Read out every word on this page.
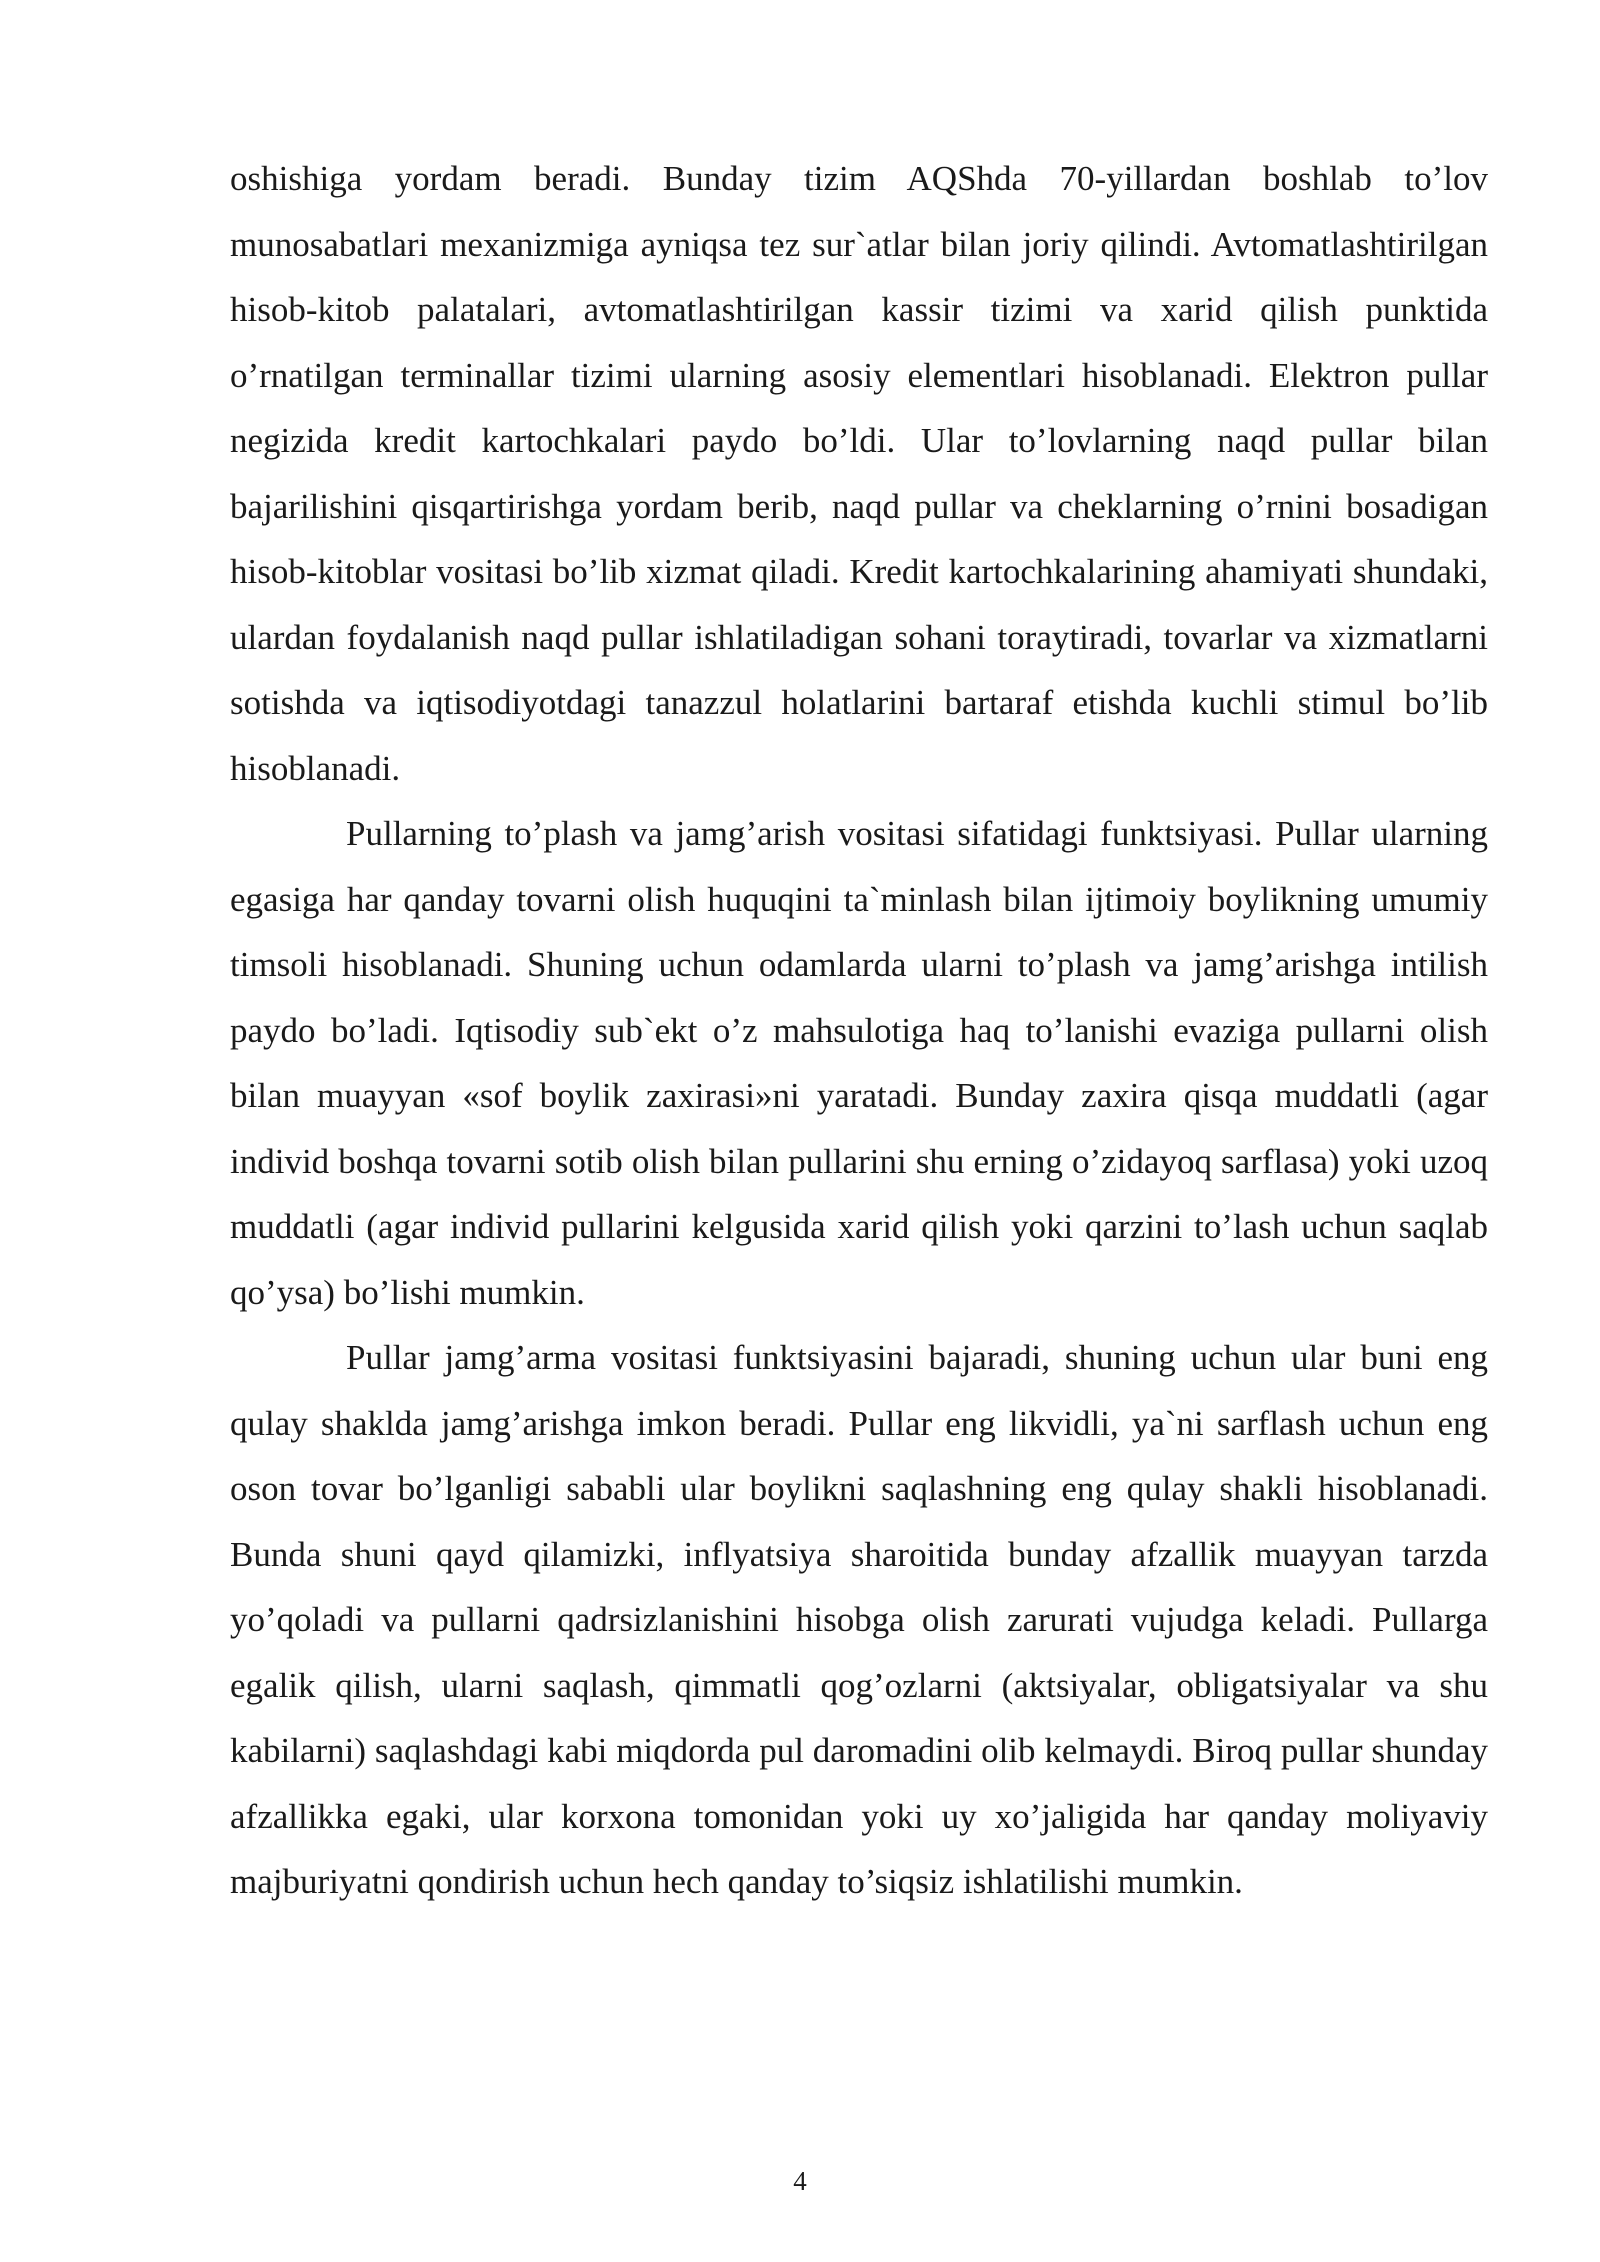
oshishiga yordam beradi. Bunday tizim AQShda 70-yillardan boshlab to’lov munosabatlari mexanizmiga ayniqsa tez sur`atlar bilan joriy qilindi. Avtomatlashtirilgan hisob-kitob palatalari, avtomatlashtirilgan kassir tizimi va xarid qilish punktida o’rnatilgan terminallar tizimi ularning asosiy elementlari hisoblanadi. Elektron pullar negizida kredit kartochkalari paydo bo’ldi. Ular to’lovlarning naqd pullar bilan bajarilishini qisqartirishga yordam berib, naqd pullar va cheklarning o’rnini bosadigan hisob-kitoblar vositasi bo’lib xizmat qiladi. Kredit kartochkalarining ahamiyati shundaki, ulardan foydalanish naqd pullar ishlatiladigan sohani toraytiradi, tovarlar va xizmatlarni sotishda va iqtisodiyotdagi tanazzul holatlarini bartaraf etishda kuchli stimul bo’lib hisoblanadi.

Pullarning to’plash va jamg’arish vositasi sifatidagi funktsiyasi. Pullar ularning egasiga har qanday tovarni olish huquqini ta`minlash bilan ijtimoiy boylikning umumiy timsoli hisoblanadi. Shuning uchun odamlarda ularni to’plash va jamg’arishga intilish paydo bo’ladi. Iqtisodiy sub`ekt o’z mahsulotiga haq to’lanishi evaziga pullarni olish bilan muayyan «sof boylik zaxirasi»ni yaratadi. Bunday zaxira qisqa muddatli (agar individ boshqa tovarni sotib olish bilan pullarini shu erning o’zidayoq sarflasa) yoki uzoq muddatli (agar individ pullarini kelgusida xarid qilish yoki qarzini to’lash uchun saqlab qo’ysa) bo’lishi mumkin.

Pullar jamg’arma vositasi funktsiyasini bajaradi, shuning uchun ular buni eng qulay shaklda jamg’arishga imkon beradi. Pullar eng likvidli, ya`ni sarflash uchun eng oson tovar bo’lganligi sababli ular boylikni saqlashning eng qulay shakli hisoblanadi. Bunda shuni qayd qilamizki, inflyatsiya sharoitida bunday afzallik muayyan tarzda yo’qoladi va pullarni qadrsizlanishini hisobga olish zarurati vujudga keladi. Pullarga egalik qilish, ularni saqlash, qimmatli qog’ozlarni (aktsiyalar, obligatsiyalar va shu kabilarni) saqlashdagi kabi miqdorda pul daromadini olib kelmaydi. Biroq pullar shunday afzallikka egaki, ular korxona tomonidan yoki uy xo’jaligida har qanday moliyaviy majburiyatni qondirish uchun hech qanday to’siqsiz ishlatilishi mumkin.

4
